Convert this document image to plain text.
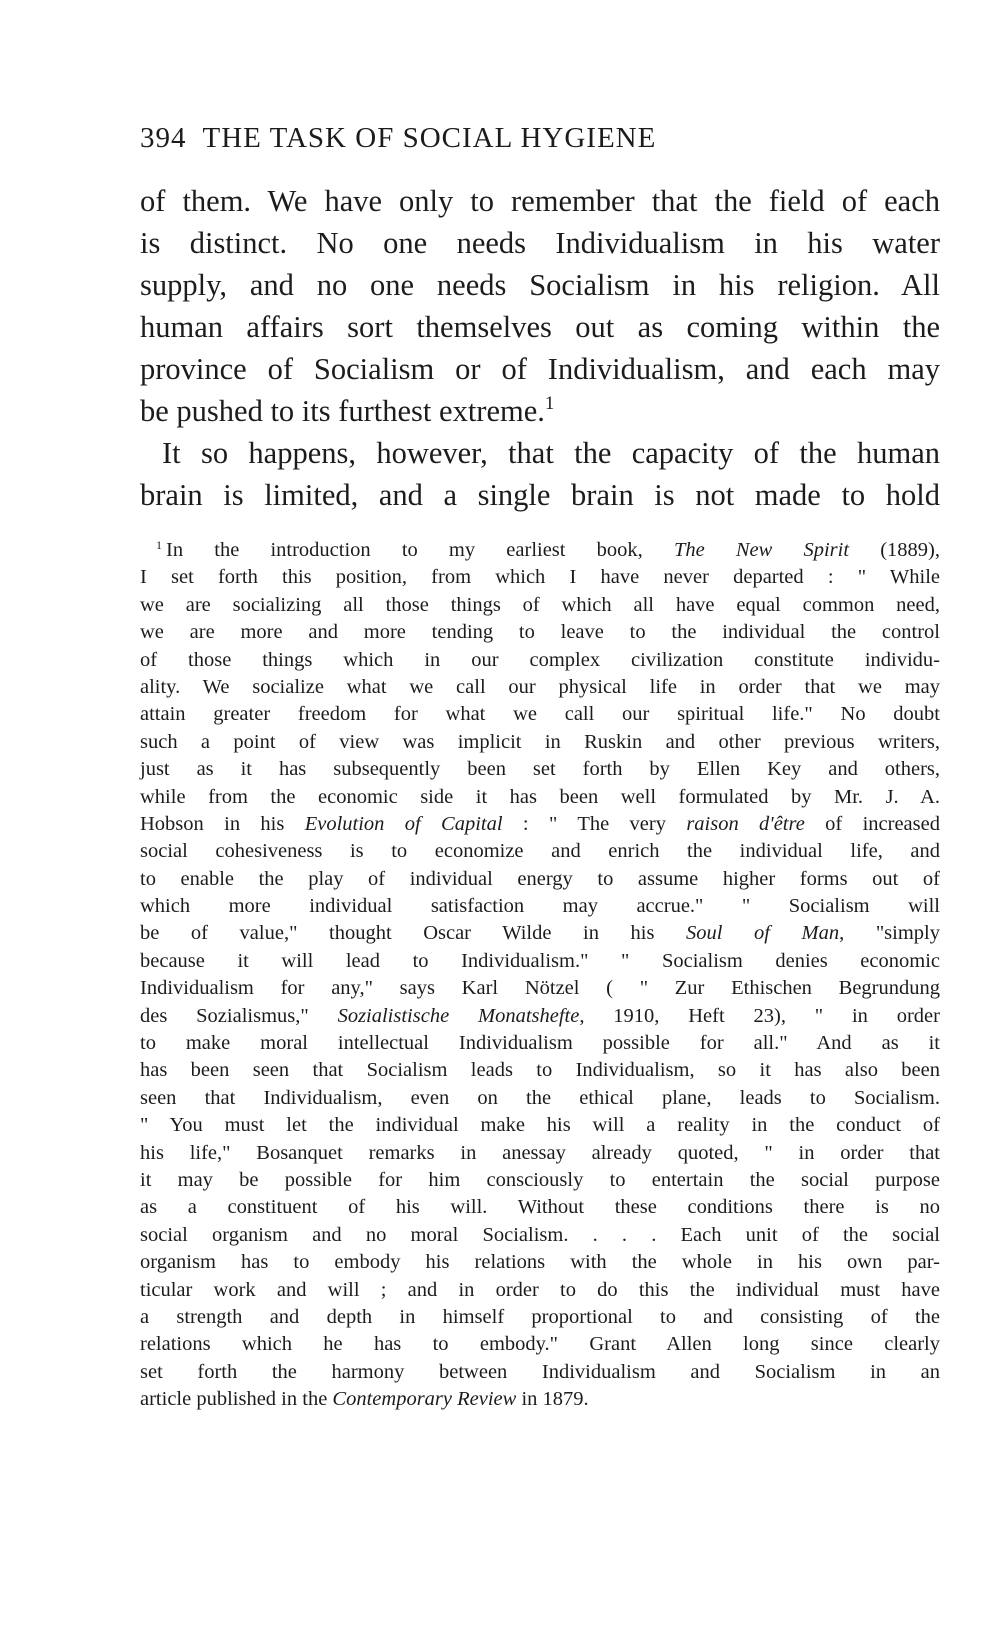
394 THE TASK OF SOCIAL HYGIENE
of them. We have only to remember that the field of each
is distinct. No one needs Individualism in his water
supply, and no one needs Socialism in his religion. All
human affairs sort themselves out as coming within the
province of Socialism or of Individualism, and each may
be pushed to its furthest extreme.$^1$
It so happens, however, that the capacity of the human
brain is limited, and a single brain is not made to hold
$^1$ In the introduction to my earliest book, The New Spirit (1889),
I set forth this position, from which I have never departed : " While
we are socializing all those things of which all have equal common need,
we are more and more tending to leave to the individual the control
of those things which in our complex civilization constitute individu-
ality. We socialize what we call our physical life in order that we may
attain greater freedom for what we call our spiritual life." No doubt
such a point of view was implicit in Ruskin and other previous writers,
just as it has subsequently been set forth by Ellen Key and others,
while from the economic side it has been well formulated by Mr. J. A.
Hobson in his Evolution of Capital : " The very raison d'être of increased
social cohesiveness is to economize and enrich the individual life, and
to enable the play of individual energy to assume higher forms out of
which more individual satisfaction may accrue." " Socialism will
be of value," thought Oscar Wilde in his Soul of Man, "simply
because it will lead to Individualism." " Socialism denies economic
Individualism for any," says Karl Nötzel ( " Zur Ethischen Begrundung
des Sozialismus," Sozialistische Monatshefte, 1910, Heft 23), " in order
to make moral intellectual Individualism possible for all." And as it
has been seen that Socialism leads to Individualism, so it has also been
seen that Individualism, even on the ethical plane, leads to Socialism.
" You must let the individual make his will a reality in the conduct of
his life," Bosanquet remarks in anessay already quoted, " in order that
it may be possible for him consciously to entertain the social purpose
as a constituent of his will. Without these conditions there is no
social organism and no moral Socialism. . . . Each unit of the social
organism has to embody his relations with the whole in his own par-
ticular work and will ; and in order to do this the individual must have
a strength and depth in himself proportional to and consisting of the
relations which he has to embody." Grant Allen long since clearly
set forth the harmony between Individualism and Socialism in an
article published in the Contemporary Review in 1879.
